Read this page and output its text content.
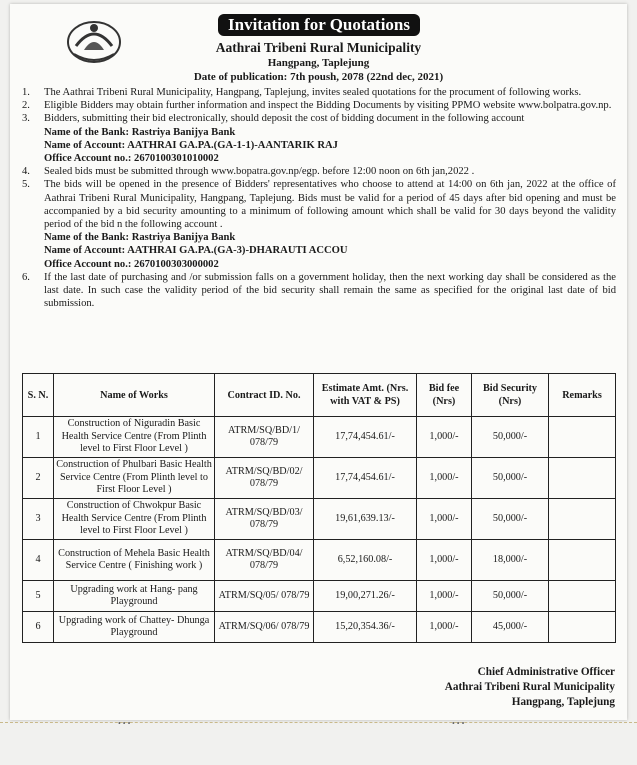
Invitation for Quotations
Aathrai Tribeni Rural Municipality
Hangpang, Taplejung
Date of publication: 7th poush, 2078 (22nd dec, 2021)

1. The Aathrai Tribeni Rural Municipality, Hangpang, Taplejung, invites sealed quotations for the procument of following works.

2. Eligible Bidders may obtain further information and inspect the Bidding Documents by visiting PPMO website www.bolpatra.gov.np.

3. Bidders, submitting their bid electronically, should deposit the cost of bidding document in the following account

Name of the Bank: Rastriya Banijya Bank
Name of Account: AATHRAI GA.PA.(GA-1-1)-AANTARIK RAJ
Office Account no.: 2670100301010002

4. Sealed bids must be submitted through www.bopatra.gov.np/egp. before 12:00 noon on 6th jan,2022 .

5. The bids will be opened in the presence of Bidders' representatives who choose to attend at 14:00 on 6th jan, 2022 at the office of Aathrai Tribeni Rural Municipality, Hangpang, Taplejung. Bids must be valid for a period of 45 days after bid opening and must be accompanied by a bid security amounting to a minimum of following amount which shall be valid for 30 days beyond the validity period of the bid n the following account .

Name of the Bank: Rastriya Banijya Bank
Name of Account: AATHRAI GA.PA.(GA-3)-DHARAUTI ACCOU
Office Account no.: 2670100303000002

6. If the last date of purchasing and /or submission falls on a government holiday, then the next working day shall be considered as the last date. In such case the validity period of the bid security shall remain the same as specified for the original last date of bid submission.

S. N.	Name of Works	Contract ID. No.	Estimate Amt. (Nrs. with VAT & PS)	Bid fee (Nrs)	Bid Security (Nrs)	Remarks
1	Construction of Niguradin Basic Health Service Centre (From Plinth level to First Floor Level )	ATRM/SQ/BD/1/ 078/79	17,74,454.61/-	1,000/-	50,000/-	
2	Construction of Phulbari Basic Health Service Centre (From Plinth level to First Floor Level )	ATRM/SQ/BD/02/ 078/79	17,74,454.61/-	1,000/-	50,000/-	
3	Construction of Chwokpur Basic Health Service Centre (From Plinth level to First Floor Level )	ATRM/SQ/BD/03/ 078/79	19,61,639.13/-	1,000/-	50,000/-	
4	Construction of Mehela Basic Health Service Centre ( Finishing work )	ATRM/SQ/BD/04/ 078/79	6,52,160.08/-	1,000/-	18,000/-	
5	Upgrading work at Hang- pang Playground	ATRM/SQ/05/ 078/79	19,00,271.26/-	1,000/-	50,000/-	
6	Upgrading work of Chattey- Dhunga Playground	ATRM/SQ/06/ 078/79	15,20,354.36/-	1,000/-	45,000/-	
Chief Administrative Officer
Aathrai Tribeni Rural Municipality
Hangpang, Taplejung
• • •	• • •
